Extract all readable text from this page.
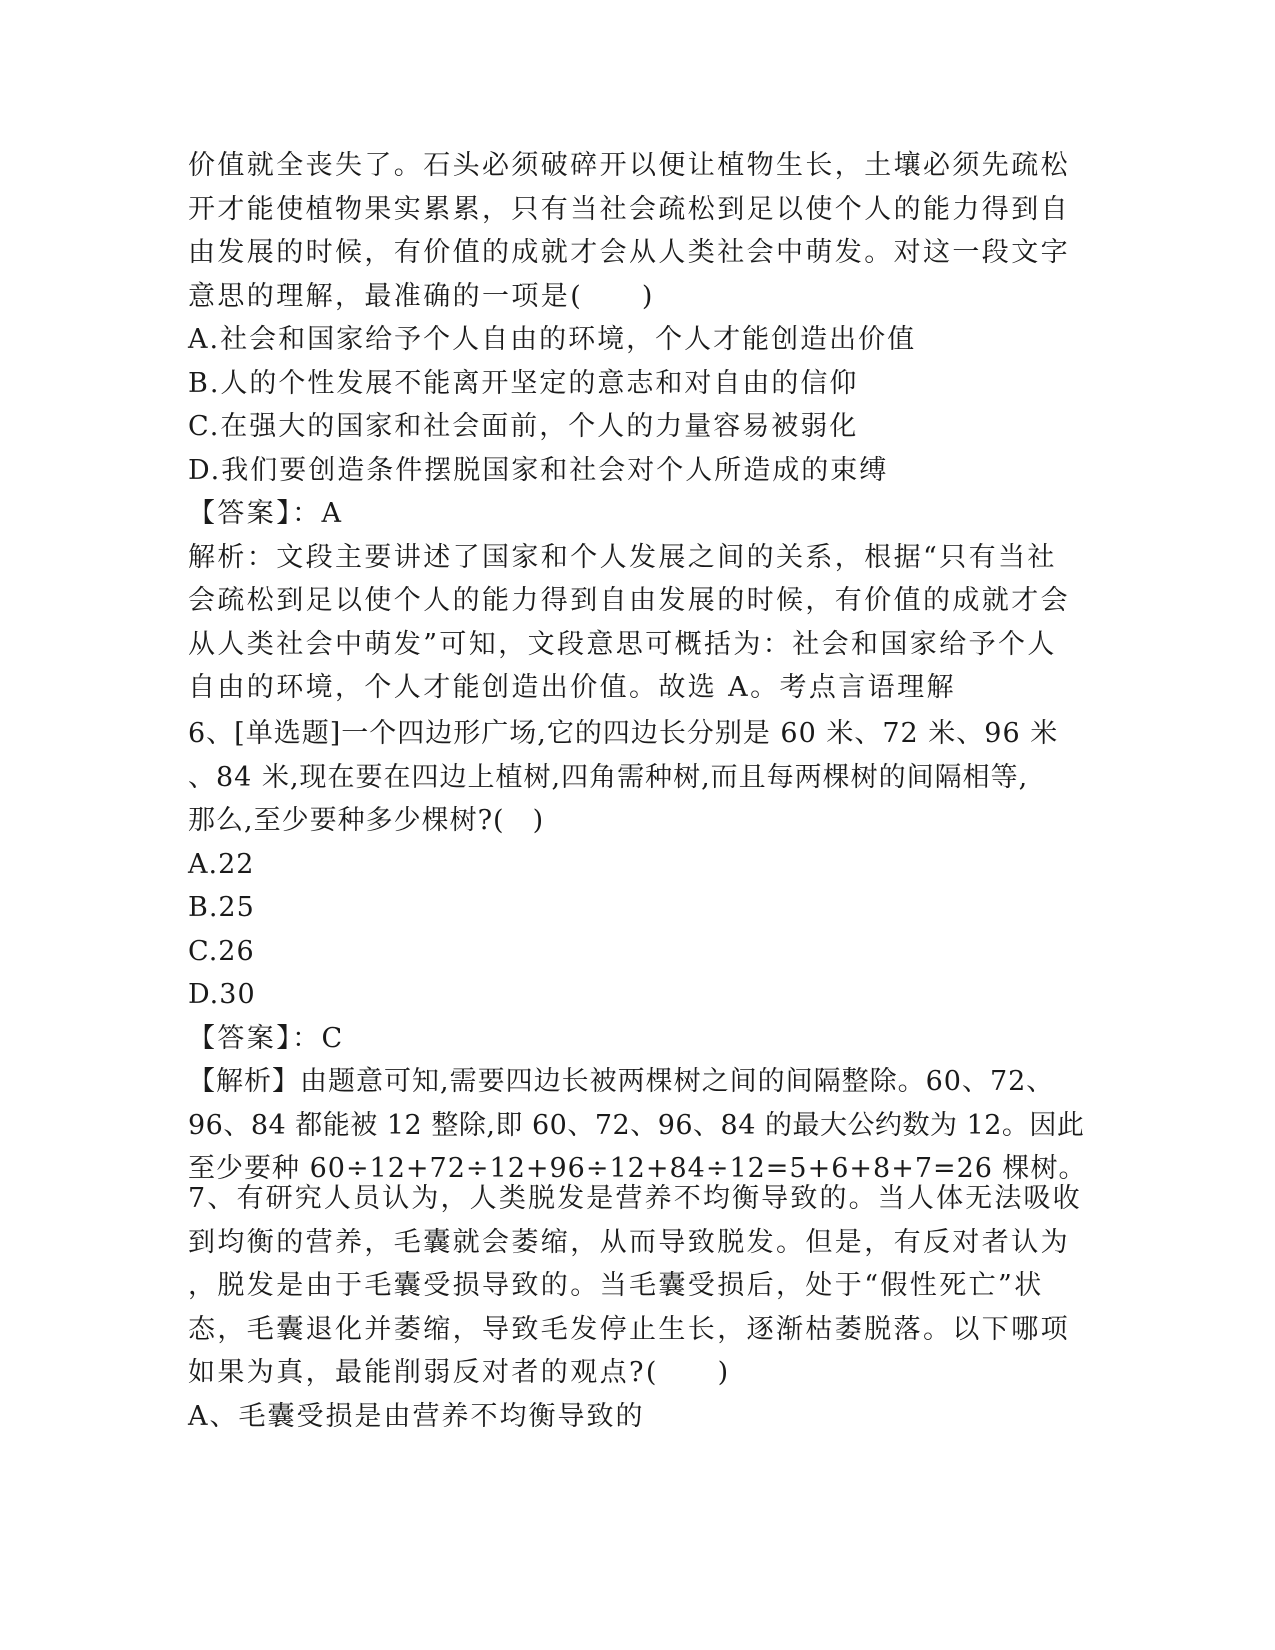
价值就全丧失了。石头必须破碎开以便让植物生长，土壤必须先疏松
开才能使植物果实累累，只有当社会疏松到足以使个人的能力得到自
由发展的时候，有价值的成就才会从人类社会中萌发。对这一段文字
意思的理解，最准确的一项是(　　)
A.社会和国家给予个人自由的环境，个人才能创造出价值
B.人的个性发展不能离开坚定的意志和对自由的信仰
C.在强大的国家和社会面前，个人的力量容易被弱化
D.我们要创造条件摆脱国家和社会对个人所造成的束缚
【答案】：A
解析：文段主要讲述了国家和个人发展之间的关系，根据“只有当社
会疏松到足以使个人的能力得到自由发展的时候，有价值的成就才会
从人类社会中萌发”可知，文段意思可概括为：社会和国家给予个人
自由的环境，个人才能创造出价值。故选 A。考点言语理解
6、[单选题]一个四边形广场,它的四边长分别是 60 米、72 米、96 米
、84 米,现在要在四边上植树,四角需种树,而且每两棵树的间隔相等,
那么,至少要种多少棵树?(　)
A.22
B.25
C.26
D.30
【答案】：C
【解析】由题意可知,需要四边长被两棵树之间的间隔整除。60、72、
96、84 都能被 12 整除,即 60、72、96、84 的最大公约数为 12。因此
至少要种 60÷12+72÷12+96÷12+84÷12=5+6+8+7=26 棵树。
7、有研究人员认为，人类脱发是营养不均衡导致的。当人体无法吸收
到均衡的营养，毛囊就会萎缩，从而导致脱发。但是，有反对者认为
，脱发是由于毛囊受损导致的。当毛囊受损后，处于“假性死亡”状
态，毛囊退化并萎缩，导致毛发停止生长，逐渐枯萎脱落。以下哪项
如果为真，最能削弱反对者的观点?(　　)
A、毛囊受损是由营养不均衡导致的
